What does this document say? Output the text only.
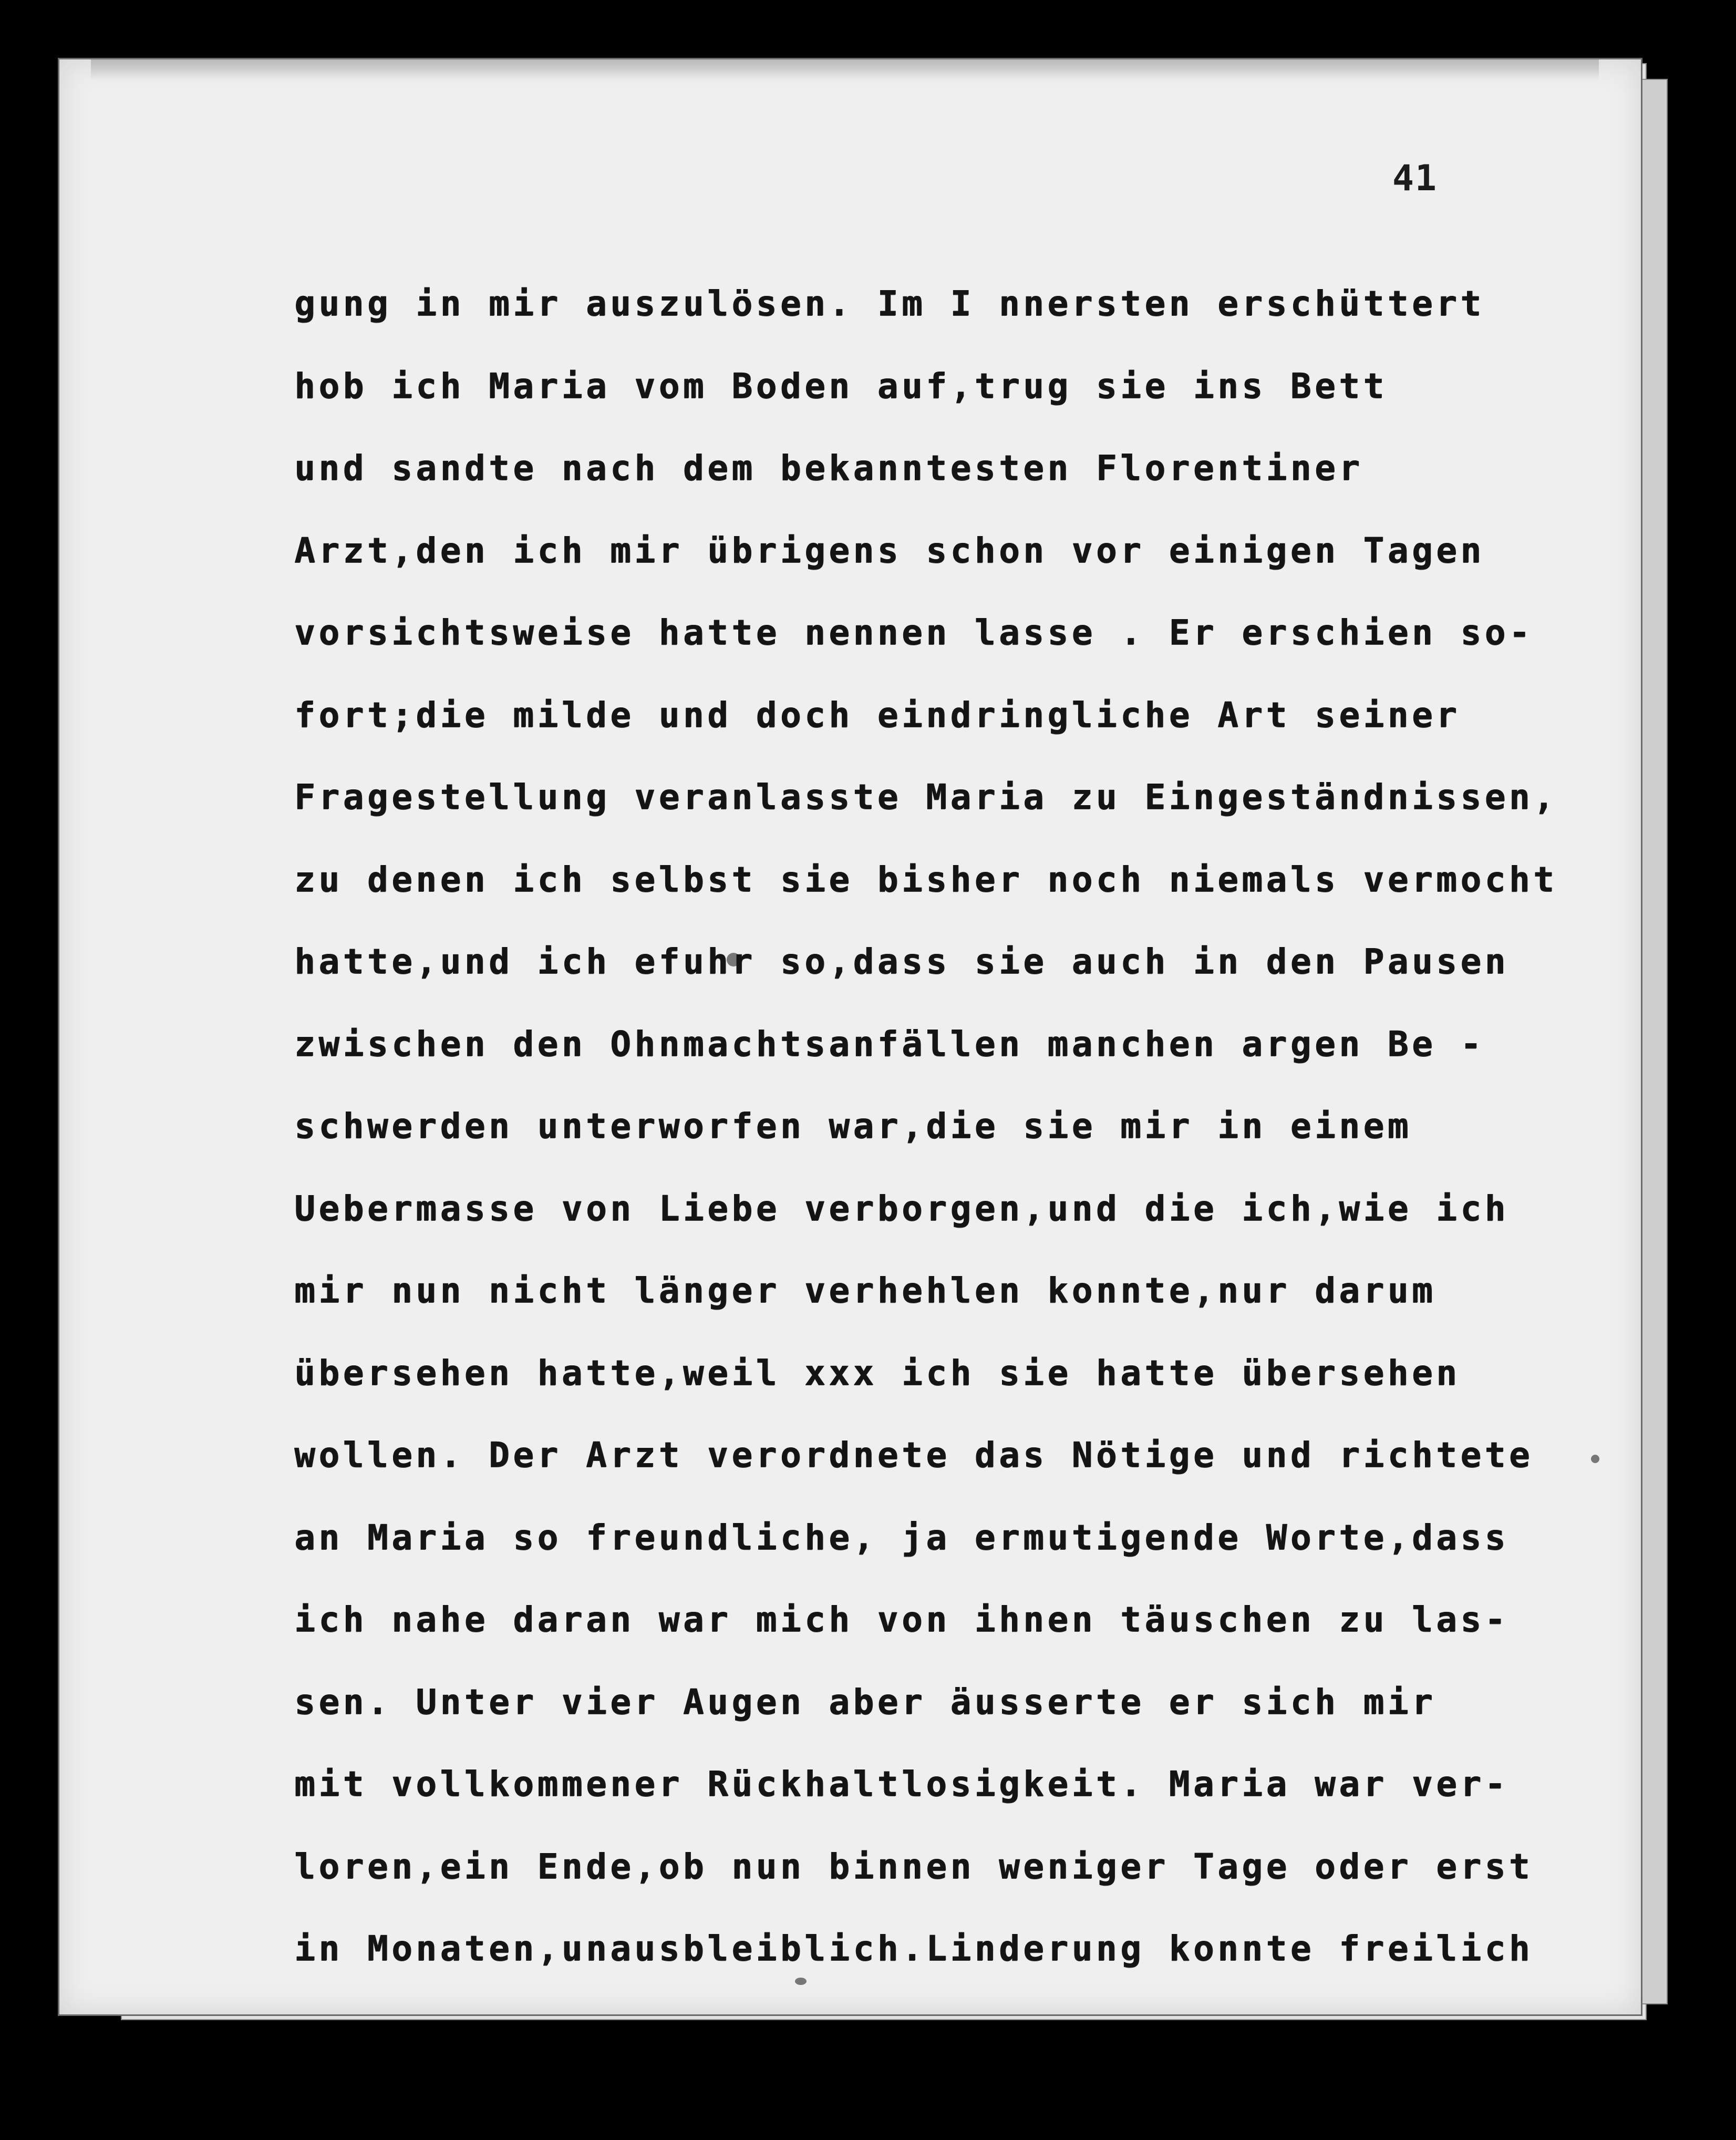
41
gung in mir auszulösen. Im I nnersten erschüttert
hob ich Maria vom Boden auf,trug sie ins Bett
und sandte nach dem bekanntesten Florentiner
Arzt,den ich mir übrigens schon vor einigen Tagen
vorsichtsweise hatte nennen lasse . Er erschien so-
fort;die milde und doch eindringliche Art seiner
Fragestellung veranlasste Maria zu Eingeständnissen,
zu denen ich selbst sie bisher noch niemals vermocht
hatte,und ich efuhr so,dass sie auch in den Pausen
zwischen den Ohnmachtsanfällen manchen argen Be -
schwerden unterworfen war,die sie mir in einem
Uebermasse von Liebe verborgen,und die ich,wie ich
mir nun nicht länger verhehlen konnte,nur darum
übersehen hatte,weil xxx ich sie hatte übersehen
wollen. Der Arzt verordnete das Nötige und richtete
an Maria so freundliche, ja ermutigende Worte,dass
ich nahe daran war mich von ihnen täuschen zu las-
sen. Unter vier Augen aber äusserte er sich mir
mit vollkommener Rückhaltlosigkeit. Maria war ver-
loren,ein Ende,ob nun binnen weniger Tage oder erst
in Monaten,unausbleiblich.Linderung konnte freilich
